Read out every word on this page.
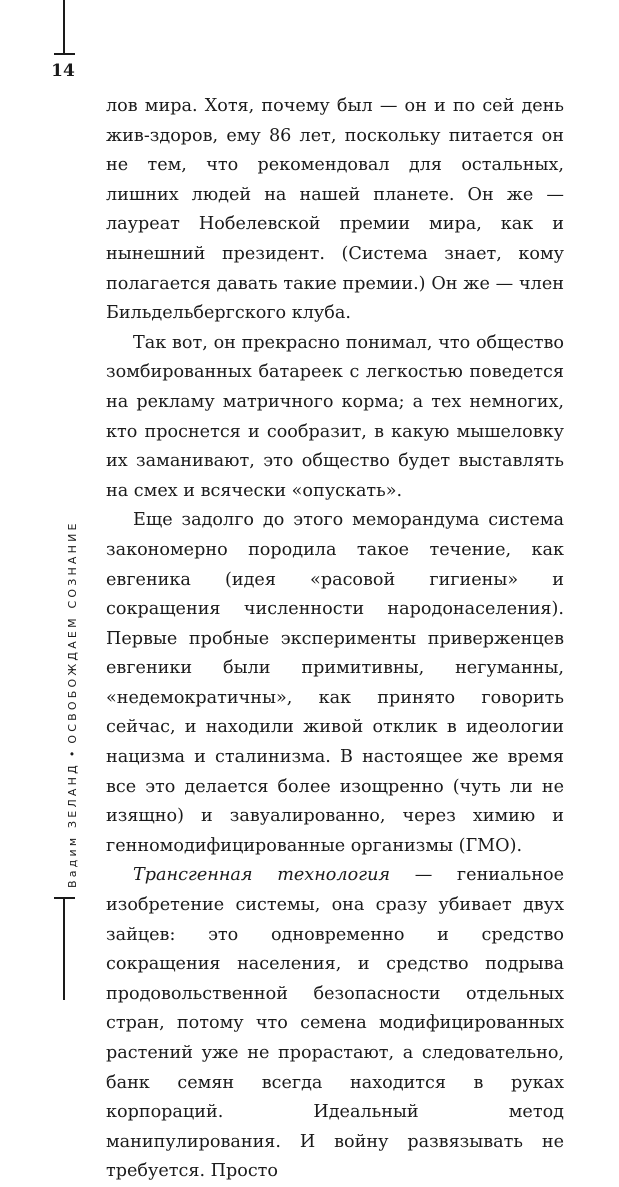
14
Вадим ЗЕЛАНД•ОСВОБОЖДАЕМ СОЗНАНИЕ

лов мира. Хотя, почему был — он и по сей день жив-здоров, ему 86 лет, поскольку питается он не тем, что рекомендовал для остальных, лишних людей на нашей планете. Он же — лауреат Нобелевской премии мира, как и нынешний президент. (Система знает, кому полагается давать такие премии.) Он же — член Бильдельбергского клуба.

Так вот, он прекрасно понимал, что общество зомбированных батареек с легкостью поведется на рекламу матричного корма; а тех немногих, кто проснется и сообразит, в какую мышеловку их заманивают, это общество будет выставлять на смех и всячески «опускать».

Еще задолго до этого меморандума система закономерно породила такое течение, как евгеника (идея «расовой гигиены» и сокращения численности народонаселения). Первые пробные эксперименты приверженцев евгеники были примитивны, негуманны, «недемократичны», как принято говорить сейчас, и находили живой отклик в идеологии нацизма и сталинизма. В настоящее же время все это делается более изощренно (чуть ли не изящно) и завуалированно, через химию и генномодифицированные организмы (ГМО).

Трансгенная технология — гениальное изобретение системы, она сразу убивает двух зайцев: это одновременно и средство сокращения населения, и средство подрыва продовольственной безопасности отдельных стран, потому что семена модифицированных растений уже не прорастают, а следовательно, банк семян всегда находится в руках корпораций. Идеальный метод манипулирования. И войну развязывать не требуется. Просто
